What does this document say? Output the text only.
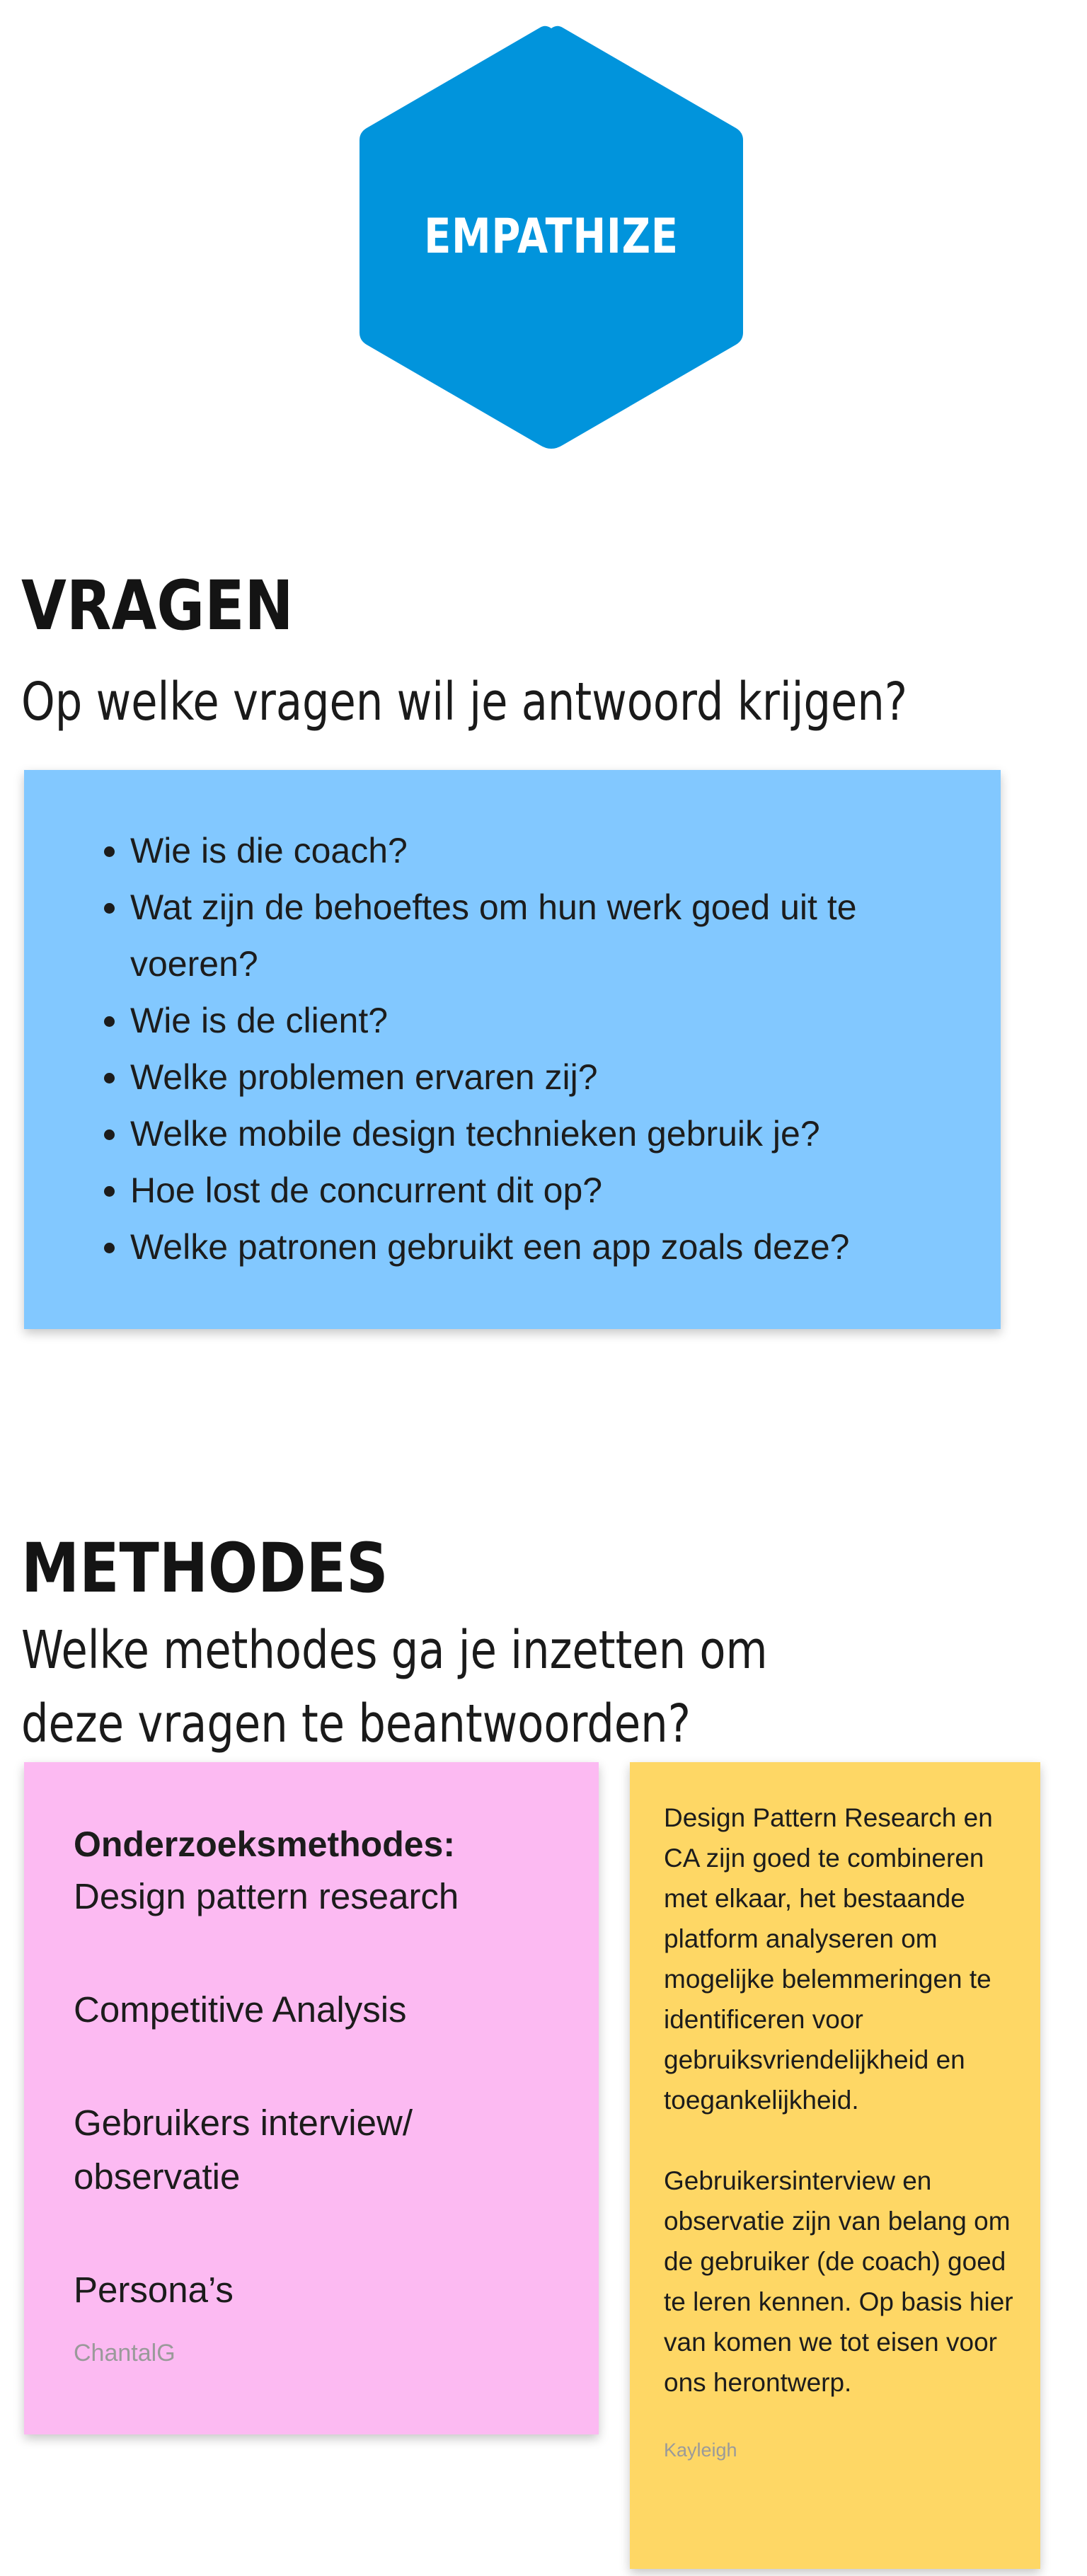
EMPATHIZE
VRAGEN

Op welke vragen wil je antwoord krijgen?

• Wie is die coach?
• Wat zijn de behoeftes om hun werk goed uit te voeren?
• Wie is de client?
• Welke problemen ervaren zij?
• Welke mobile design technieken gebruik je?
• Hoe lost de concurrent dit op?
• Welke patronen gebruikt een app zoals deze?
METHODES

Welke methodes ga je inzetten om

deze vragen te beantwoorden?

Onderzoeksmethodes:
Design pattern research
Competitive Analysis
Gebruikers interview/
observatie
Persona’s
ChantalG

Design Pattern Research en CA zijn goed te combineren met elkaar, het bestaande platform analyseren om mogelijke belemmeringen te identificeren voor gebruiksvriendelijkheid en toegankelijkheid.

Gebruikersinterview en observatie zijn van belang om de gebruiker (de coach) goed te leren kennen. Op basis hier van komen we tot eisen voor ons herontwerp.

Kayleigh
